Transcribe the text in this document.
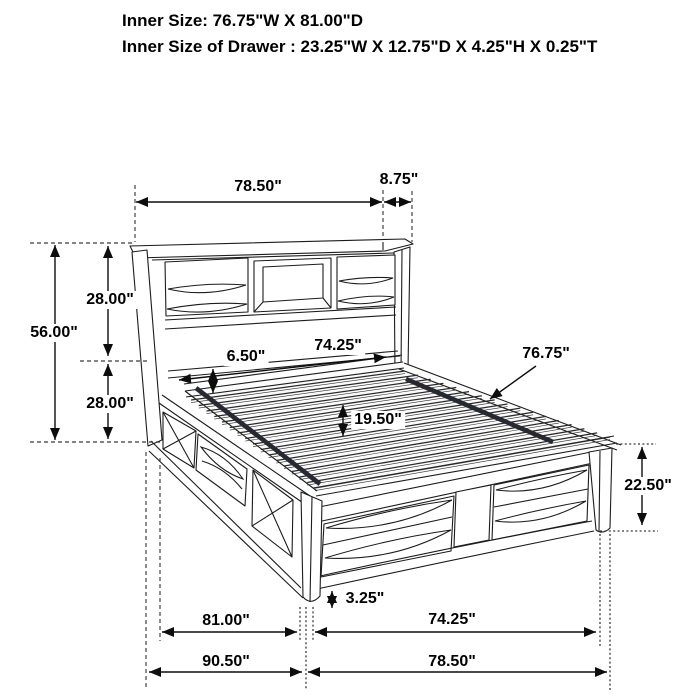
Inner Size: 76.75"W X 81.00"D
Inner Size of Drawer : 23.25"W X 12.75"D X 4.25"H X 0.25"T
78.50"	8.75"
56.00"
28.00"
28.00"
74.25"
6.50"
19.50"
76.75"
22.50"
3.25"
81.00"	74.25"
90.50"	78.50"
